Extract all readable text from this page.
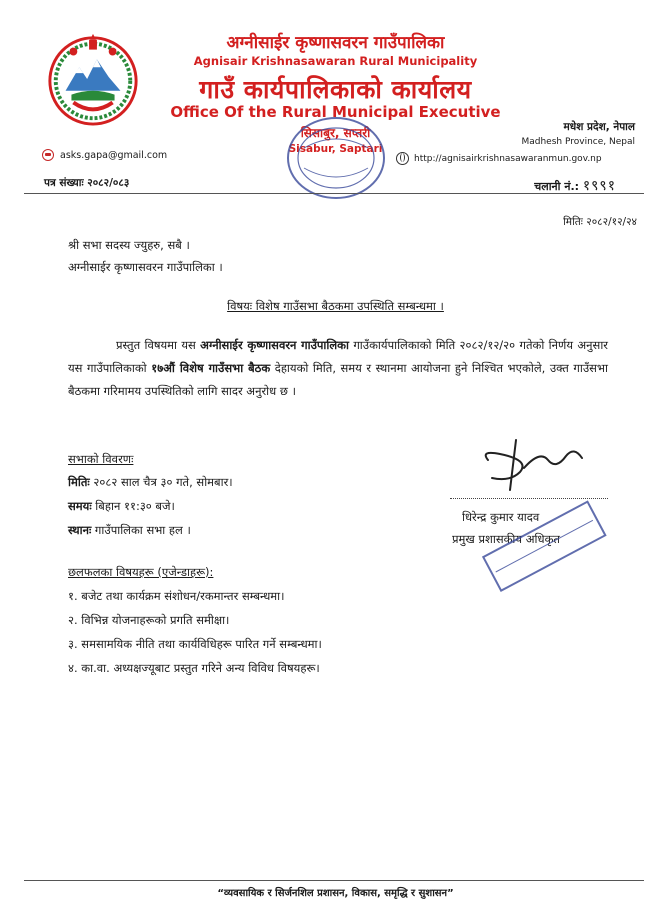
अग्नीसाईर कृष्णासवरन गाउँपालिका
Agnisair Krishnasawaran Rural Municipality
गाउँ कार्यपालिकाको कार्यालय
Office Of the Rural Municipal Executive
सिसाबुर, सप्तरी
Sisabur, Saptari
मधेश प्रदेश, नेपाल
Madhesh Province, Nepal
asks.gapa@gmail.com	http://agnisairkrishnasawaranmun.gov.np
पत्र संख्याः २०८२/०८३	चलानी नं.: १९९१
मितिः २०८२/१२/२४
श्री सभा सदस्य ज्युहरु, सबै ।
अग्नीसाईर कृष्णासवरन गाउँपालिका ।
विषयः विशेष गाउँसभा बैठकमा उपस्थिति सम्बन्धमा ।
प्रस्तुत विषयमा यस अग्नीसाईर कृष्णासवरन गाउँपालिका गाउँकार्यपालिकाको मिति २०८२/१२/२० गतेको निर्णय अनुसार यस गाउँपालिकाको १७औं विशेष गाउँसभा बैठक देहायको मिति, समय र स्थानमा आयोजना हुने निश्चित भएकोले, उक्त गाउँसभा बैठकमा गरिमामय उपस्थितिको लागि सादर अनुरोध छ ।
सभाको विवरणः
मितिः २०८२ साल चैत्र ३० गते, सोमबार।
समयः बिहान ११:३० बजे।
स्थानः गाउँपालिका सभा हल ।
धिरेन्द्र कुमार यादव
प्रमुख प्रशासकीय अधिकृत
छलफलका विषयहरू (एजेन्डाहरू):
१. बजेट तथा कार्यक्रम संशोधन/रकमान्तर सम्बन्धमा।
२. विभिन्न योजनाहरूको प्रगति समीक्षा।
३. समसामयिक नीति तथा कार्यविधिहरू पारित गर्ने सम्बन्धमा।
४. का.वा. अध्यक्षज्यूबाट प्रस्तुत गरिने अन्य विविध विषयहरू।
“व्यवसायिक र सिर्जनशिल प्रशासन, विकास, समृद्धि र सुशासन”
